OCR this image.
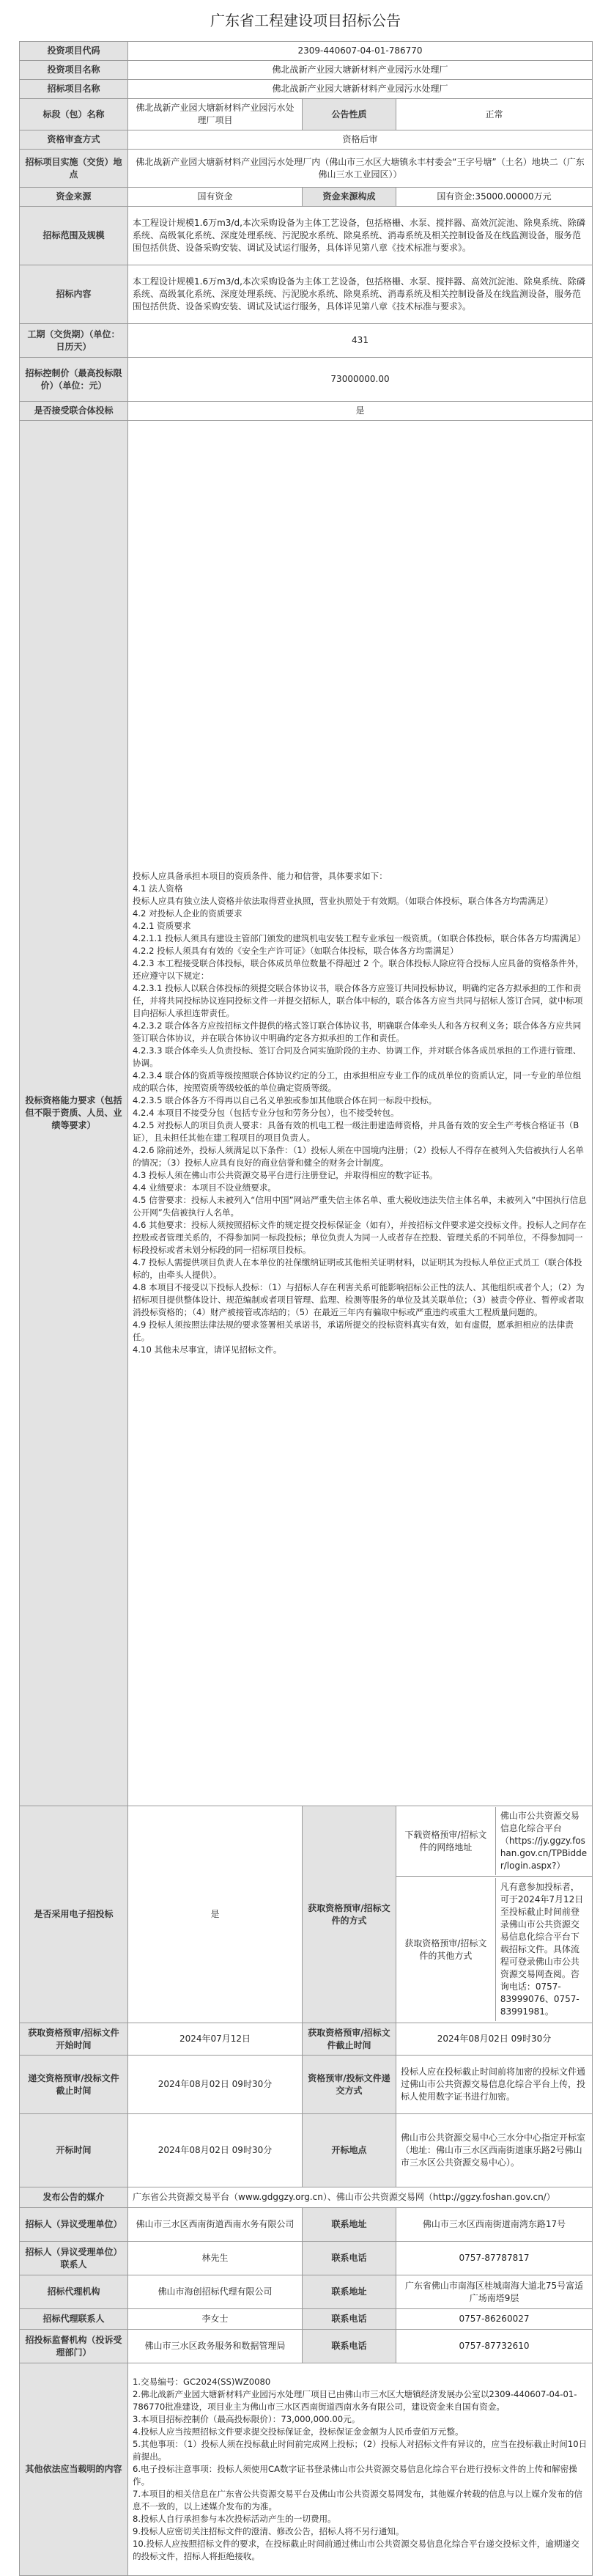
广东省工程建设项目招标公告
投资项目代码	2309-440607-04-01-786770
投资项目名称	佛北战新产业园大塘新材料产业园污水处理厂
招标项目名称	佛北战新产业园大塘新材料产业园污水处理厂
标段（包）名称	佛北战新产业园大塘新材料产业园污水处理厂项目	公告性质	正常
资格审查方式	资格后审
招标项目实施（交货）地点	佛北战新产业园大塘新材料产业园污水处理厂内（佛山市三水区大塘镇永丰村委会“王字号塘”（土名）地块二（广东佛山三水工业园区））
资金来源	国有资金	资金来源构成	国有资金:35000.00000万元
招标范围及规模	本工程设计规模1.6万m3/d,本次采购设备为主体工艺设备，包括格栅、水泵、搅拌器、高效沉淀池、除臭系统、除磷系统、高级氧化系统、深度处理系统、污泥脱水系统、除臭系统、消毒系统及相关控制设备及在线监测设备，服务范围包括供货、设备采购安装、调试及试运行服务，具体详见第八章《技术标准与要求》。
招标内容	本工程设计规模1.6万m3/d,本次采购设备为主体工艺设备，包括格栅、水泵、搅拌器、高效沉淀池、除臭系统、除磷系统、高级氧化系统、深度处理系统、污泥脱水系统、除臭系统、消毒系统及相关控制设备及在线监测设备，服务范围包括供货、设备采购安装、调试及试运行服务，具体详见第八章《技术标准与要求》。
工期（交货期）（单位：日历天）	431
招标控制价（最高投标限价）（单位：元）	73000000.00
是否接受联合体投标	是
投标资格能力要求（包括但不限于资质、人员、业绩等要求）	

投标人应具备承担本项目的资质条件、能力和信誉，具体要求如下：

4.1 法人资格

投标人应具有独立法人资格并依法取得营业执照，营业执照处于有效期。（如联合体投标，联合体各方均需满足）

4.2 对投标人企业的资质要求

4.2.1 资质要求

4.2.1.1 投标人须具有建设主管部门颁发的建筑机电安装工程专业承包一级资质。（如联合体投标，联合体各方均需满足）

4.2.2 投标人须具有有效的《安全生产许可证》（如联合体投标，联合体各方均需满足）

4.2.3 本工程接受联合体投标，联合体成员单位数量不得超过 2 个。联合体投标人除应符合投标人应具备的资格条件外，还应遵守以下规定：

4.2.3.1 投标人以联合体投标的须提交联合体协议书，联合体各方应签订共同投标协议，明确约定各方拟承担的工作和责任，并将共同投标协议连同投标文件一并提交招标人，联合体中标的，联合体各方应当共同与招标人签订合同，就中标项目向招标人承担连带责任。

4.2.3.2 联合体各方应按招标文件提供的格式签订联合体协议书，明确联合体牵头人和各方权利义务；联合体各方应共同签订联合体协议，并在联合体协议中明确约定各方拟承担的工作和责任。

4.2.3.3 联合体牵头人负责投标、签订合同及合同实施阶段的主办、协调工作，并对联合体各成员承担的工作进行管理、协调。

4.2.3.4 联合体的资质等级按照联合体协议约定的分工，由承担相应专业工作的成员单位的资质认定，同一专业的单位组成的联合体，按照资质等级较低的单位确定资质等级。

4.2.3.5 联合体各方不得再以自己名义单独或参加其他联合体在同一标段中投标。

4.2.4 本项目不接受分包（包括专业分包和劳务分包），也不接受转包。

4.2.5 对投标人的项目负责人要求：具备有效的机电工程一级注册建造师资格，并具备有效的安全生产考核合格证书（B证），且未担任其他在建工程项目的项目负责人。

4.2.6 除前述外，投标人须满足以下条件：（1）投标人须在中国境内注册；（2）投标人不得存在被列入失信被执行人名单的情况；（3）投标人应具有良好的商业信誉和健全的财务会计制度。

4.3 投标人须在佛山市公共资源交易平台进行注册登记，并取得相应的数字证书。

4.4 业绩要求：本项目不设业绩要求。

4.5 信誉要求：投标人未被列入“信用中国”网站严重失信主体名单、重大税收违法失信主体名单，未被列入“中国执行信息公开网”失信被执行人名单。

4.6 其他要求：投标人须按照招标文件的规定提交投标保证金（如有），并按招标文件要求递交投标文件。投标人之间存在控股或者管理关系的，不得参加同一标段投标；单位负责人为同一人或者存在控股、管理关系的不同单位，不得参加同一标段投标或者未划分标段的同一招标项目投标。

4.7 投标人需提供项目负责人在本单位的社保缴纳证明或其他相关证明材料，以证明其为投标人单位正式员工（联合体投标的，由牵头人提供）。

4.8 本项目不接受以下投标人投标：（1）与招标人存在利害关系可能影响招标公正性的法人、其他组织或者个人；（2）为招标项目提供整体设计、规范编制或者项目管理、监理、检测等服务的单位及其关联单位；（3）被责令停业、暂停或者取消投标资格的；（4）财产被接管或冻结的；（5）在最近三年内有骗取中标或严重违约或重大工程质量问题的。

4.9 投标人须按照法律法规的要求签署相关承诺书，承诺所提交的投标资料真实有效，如有虚假，愿承担相应的法律责任。

4.10 其他未尽事宜，请详见招标文件。

是否采用电子招投标	是	获取资格预审/招标文件的方式	
下载资格预审/招标文件的网络地址	佛山市公共资源交易信息化综合平台（https://jy.ggzy.foshan.gov.cn/TPBidder/login.aspx?）

获取资格预审/招标文件的其他方式	凡有意参加投标者，可于2024年7月12日至投标截止时间前登录佛山市公共资源交易信息化综合平台下载招标文件。具体流程可登录佛山市公共资源交易网查阅。咨询电话：0757-83999076、0757-83991981。

获取资格预审/招标文件开始时间	2024年07月12日	获取资格预审/招标文件截止时间	2024年08月02日 09时30分
递交资格预审/投标文件截止时间	2024年08月02日 09时30分	资格预审/投标文件递交方式	投标人应在投标截止时间前将加密的投标文件通过佛山市公共资源交易信息化综合平台上传，投标人使用数字证书进行加密。
开标时间	2024年08月02日 09时30分	开标地点	佛山市公共资源交易中心三水分中心指定开标室（地址：佛山市三水区西南街道康乐路2号佛山市三水区公共资源交易中心）。
发布公告的媒介	广东省公共资源交易平台（www.gdggzy.org.cn）、佛山市公共资源交易网（http://ggzy.foshan.gov.cn/）
招标人（异议受理单位）	佛山市三水区西南街道西南水务有限公司	联系地址	佛山市三水区西南街道南湾东路17号
招标人（异议受理单位）联系人	林先生	联系电话	0757-87787817
招标代理机构	佛山市海创招标代理有限公司	联系地址	广东省佛山市南海区桂城南海大道北75号富适广场南塔9层
招标代理联系人	李女士	联系电话	0757-86260027
招投标监督机构（投诉受理部门）	佛山市三水区政务服务和数据管理局	联系电话	0757-87732610
其他依法应当载明的内容	

1.交易编号：GC2024(SS)WZ0080

2.佛北战新产业园大塘新材料产业园污水处理厂项目已由佛山市三水区大塘镇经济发展办公室以2309-440607-04-01-786770批准建设，项目业主为佛山市三水区西南街道西南水务有限公司，建设资金来自国有资金。

3.本项目招标控制价（最高投标限价）：73,000,000.00元。

4.投标人应当按照招标文件要求提交投标保证金，投标保证金金额为人民币壹佰万元整。

5.其他事项：（1）投标人须在投标截止时间前完成网上投标；（2）投标人对招标文件有异议的，应当在投标截止时间10日前提出。

6.电子投标注意事项：投标人须使用CA数字证书登录佛山市公共资源交易信息化综合平台进行投标文件的上传和解密操作。

7.本项目的相关信息在广东省公共资源交易平台及佛山市公共资源交易网发布，其他媒介转载的信息与以上媒介发布的信息不一致的，以上述媒介发布的为准。

8.投标人自行承担参与本次投标活动产生的一切费用。

9.投标人应密切关注招标文件的澄清、修改公告，招标人将不另行通知。

10.投标人应按照招标文件的要求，在投标截止时间前通过佛山市公共资源交易信息化综合平台递交投标文件，逾期递交的投标文件，招标人将拒绝接收。
